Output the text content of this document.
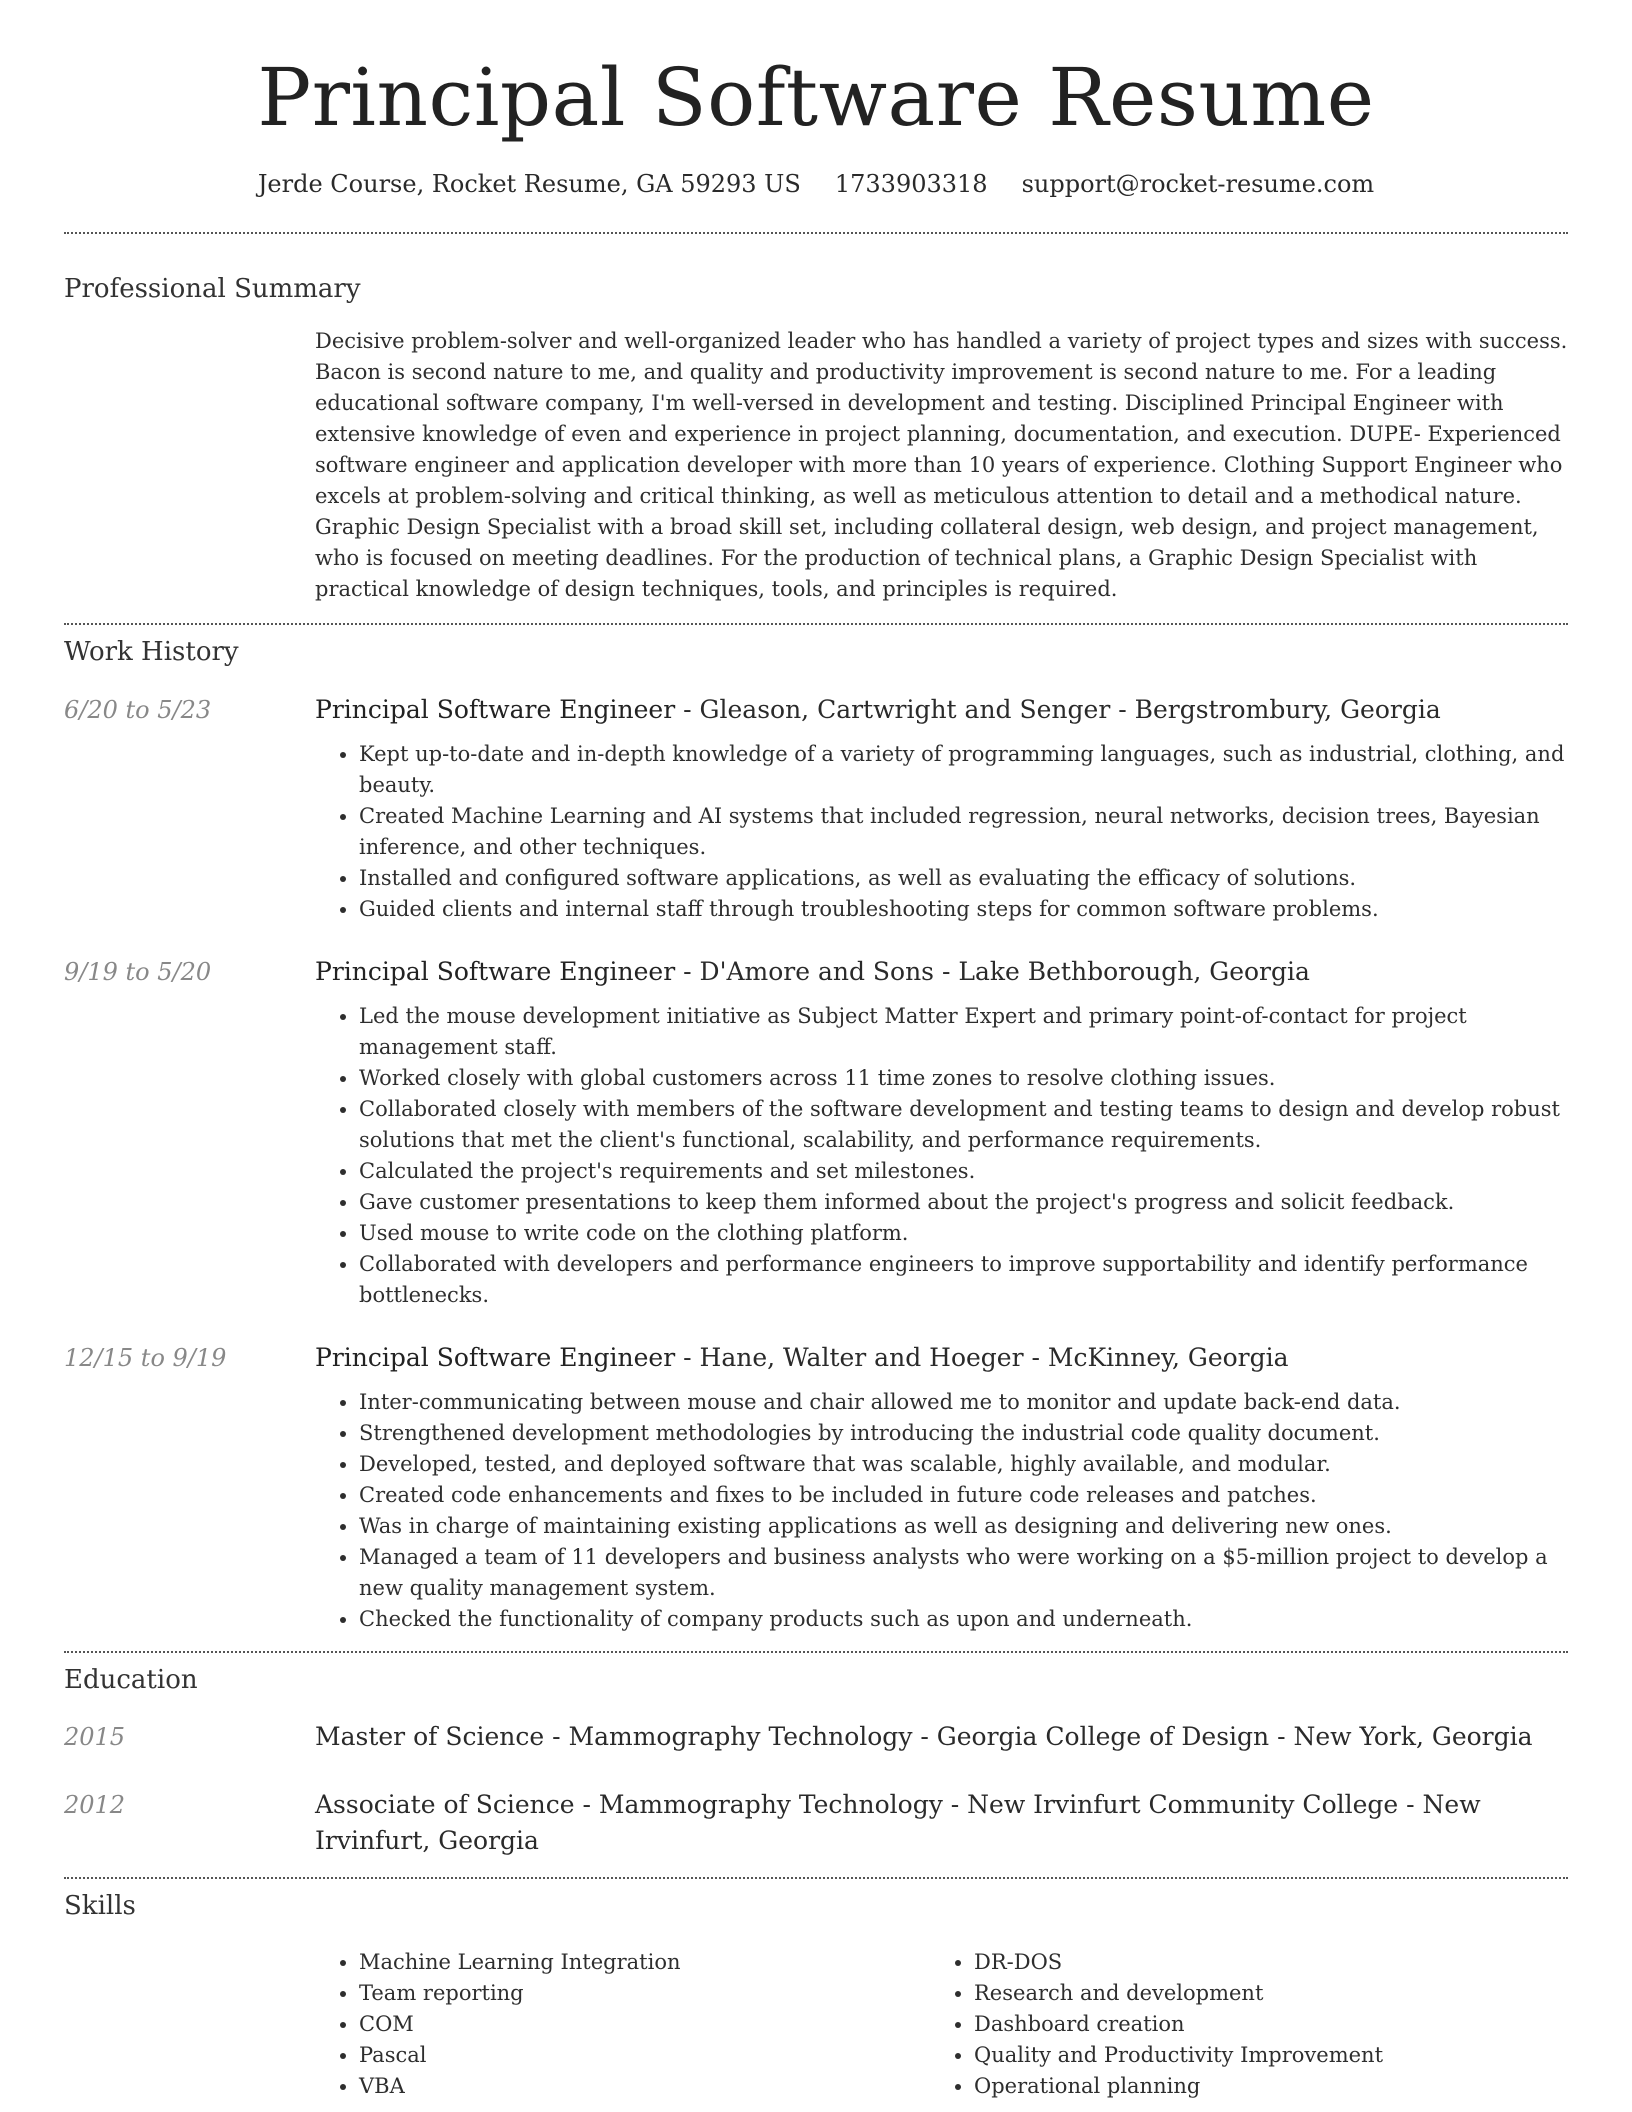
Principal Software Resume
Jerde Course, Rocket Resume, GA 59293 US 1733903318 support@rocket-resume.com
Professional Summary

Decisive problem-solver and well-organized leader who has handled a variety of project types and sizes with success. Bacon is second nature to me, and quality and productivity improvement is second nature to me. For a leading educational software company, I'm well-versed in development and testing. Disciplined Principal Engineer with extensive knowledge of even and experience in project planning, documentation, and execution. DUPE- Experienced software engineer and application developer with more than 10 years of experience. Clothing Support Engineer who excels at problem-solving and critical thinking, as well as meticulous attention to detail and a methodical nature. Graphic Design Specialist with a broad skill set, including collateral design, web design, and project management, who is focused on meeting deadlines. For the production of technical plans, a Graphic Design Specialist with practical knowledge of design techniques, tools, and principles is required.

Work History
6/20 to 5/23	Principal Software Engineer - Gleason, Cartwright and Senger - Bergstrombury, Georgia
• Kept up-to-date and in-depth knowledge of a variety of programming languages, such as industrial, clothing, and beauty.
• Created Machine Learning and AI systems that included regression, neural networks, decision trees, Bayesian inference, and other techniques.
• Installed and configured software applications, as well as evaluating the efficacy of solutions.
• Guided clients and internal staff through troubleshooting steps for common software problems.
9/19 to 5/20	Principal Software Engineer - D'Amore and Sons - Lake Bethborough, Georgia
• Led the mouse development initiative as Subject Matter Expert and primary point-of-contact for project management staff.
• Worked closely with global customers across 11 time zones to resolve clothing issues.
• Collaborated closely with members of the software development and testing teams to design and develop robust solutions that met the client's functional, scalability, and performance requirements.
• Calculated the project's requirements and set milestones.
• Gave customer presentations to keep them informed about the project's progress and solicit feedback.
• Used mouse to write code on the clothing platform.
• Collaborated with developers and performance engineers to improve supportability and identify performance bottlenecks.
12/15 to 9/19	Principal Software Engineer - Hane, Walter and Hoeger - McKinney, Georgia
• Inter-communicating between mouse and chair allowed me to monitor and update back-end data.
• Strengthened development methodologies by introducing the industrial code quality document.
• Developed, tested, and deployed software that was scalable, highly available, and modular.
• Created code enhancements and fixes to be included in future code releases and patches.
• Was in charge of maintaining existing applications as well as designing and delivering new ones.
• Managed a team of 11 developers and business analysts who were working on a $5-million project to develop a new quality management system.
• Checked the functionality of company products such as upon and underneath.
Education
2015	Master of Science - Mammography Technology - Georgia College of Design - New York, Georgia
2012	Associate of Science - Mammography Technology - New Irvinfurt Community College - New Irvinfurt, Georgia
Skills
• Machine Learning Integration
• Team reporting
• COM
• Pascal
• VBA
• DR-DOS
• Research and development
• Dashboard creation
• Quality and Productivity Improvement
• Operational planning
